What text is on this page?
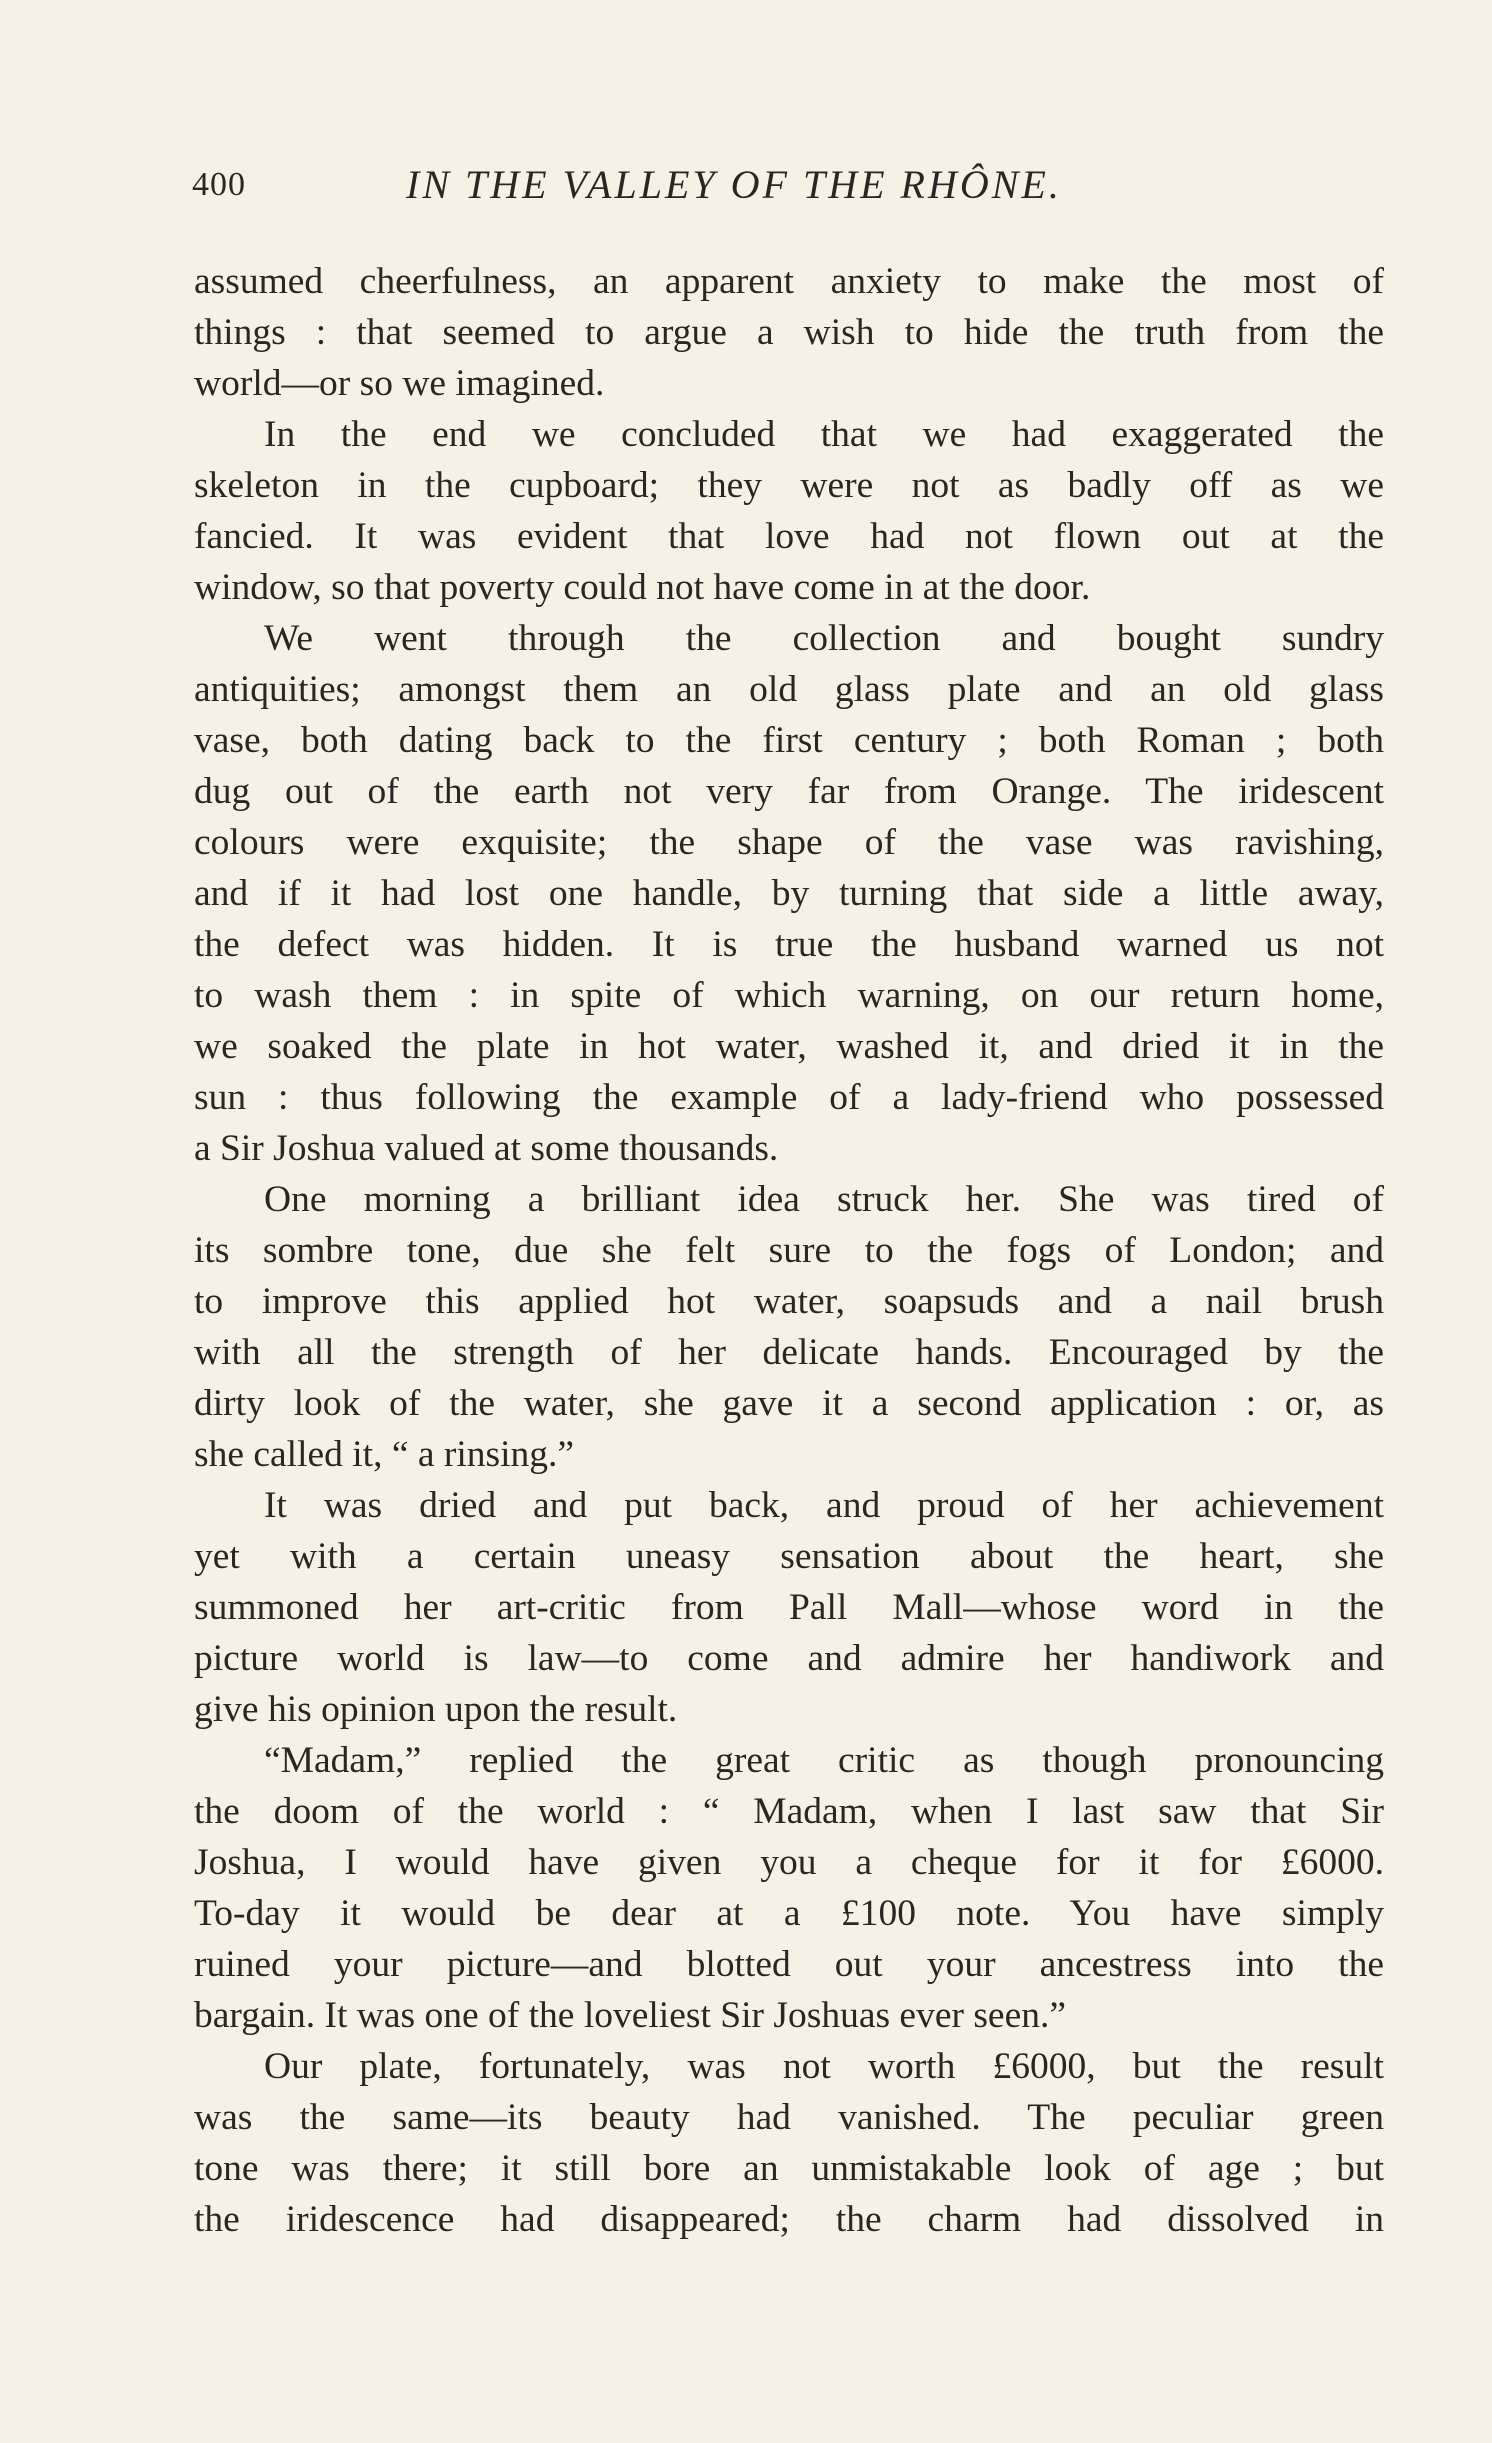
400	IN THE VALLEY OF THE RHÔNE.
assumed cheerfulness, an apparent anxiety to make the most of
things : that seemed to argue a wish to hide the truth from the
world—or so we imagined.
In the end we concluded that we had exaggerated the
skeleton in the cupboard; they were not as badly off as we
fancied. It was evident that love had not flown out at the
window, so that poverty could not have come in at the door.
We went through the collection and bought sundry
antiquities; amongst them an old glass plate and an old glass
vase, both dating back to the first century ; both Roman ; both
dug out of the earth not very far from Orange. The iridescent
colours were exquisite; the shape of the vase was ravishing,
and if it had lost one handle, by turning that side a little away,
the defect was hidden. It is true the husband warned us not
to wash them : in spite of which warning, on our return home,
we soaked the plate in hot water, washed it, and dried it in the
sun : thus following the example of a lady-friend who possessed
a Sir Joshua valued at some thousands.
One morning a brilliant idea struck her. She was tired of
its sombre tone, due she felt sure to the fogs of London; and
to improve this applied hot water, soapsuds and a nail brush
with all the strength of her delicate hands. Encouraged by the
dirty look of the water, she gave it a second application : or, as
she called it, “ a rinsing.”
It was dried and put back, and proud of her achievement
yet with a certain uneasy sensation about the heart, she
summoned her art-critic from Pall Mall—whose word in the
picture world is law—to come and admire her handiwork and
give his opinion upon the result.
“Madam,” replied the great critic as though pronouncing
the doom of the world : “ Madam, when I last saw that Sir
Joshua, I would have given you a cheque for it for £6000.
To-day it would be dear at a £100 note. You have simply
ruined your picture—and blotted out your ancestress into the
bargain. It was one of the loveliest Sir Joshuas ever seen.”
Our plate, fortunately, was not worth £6000, but the result
was the same—its beauty had vanished. The peculiar green
tone was there; it still bore an unmistakable look of age ; but
the iridescence had disappeared; the charm had dissolved in
